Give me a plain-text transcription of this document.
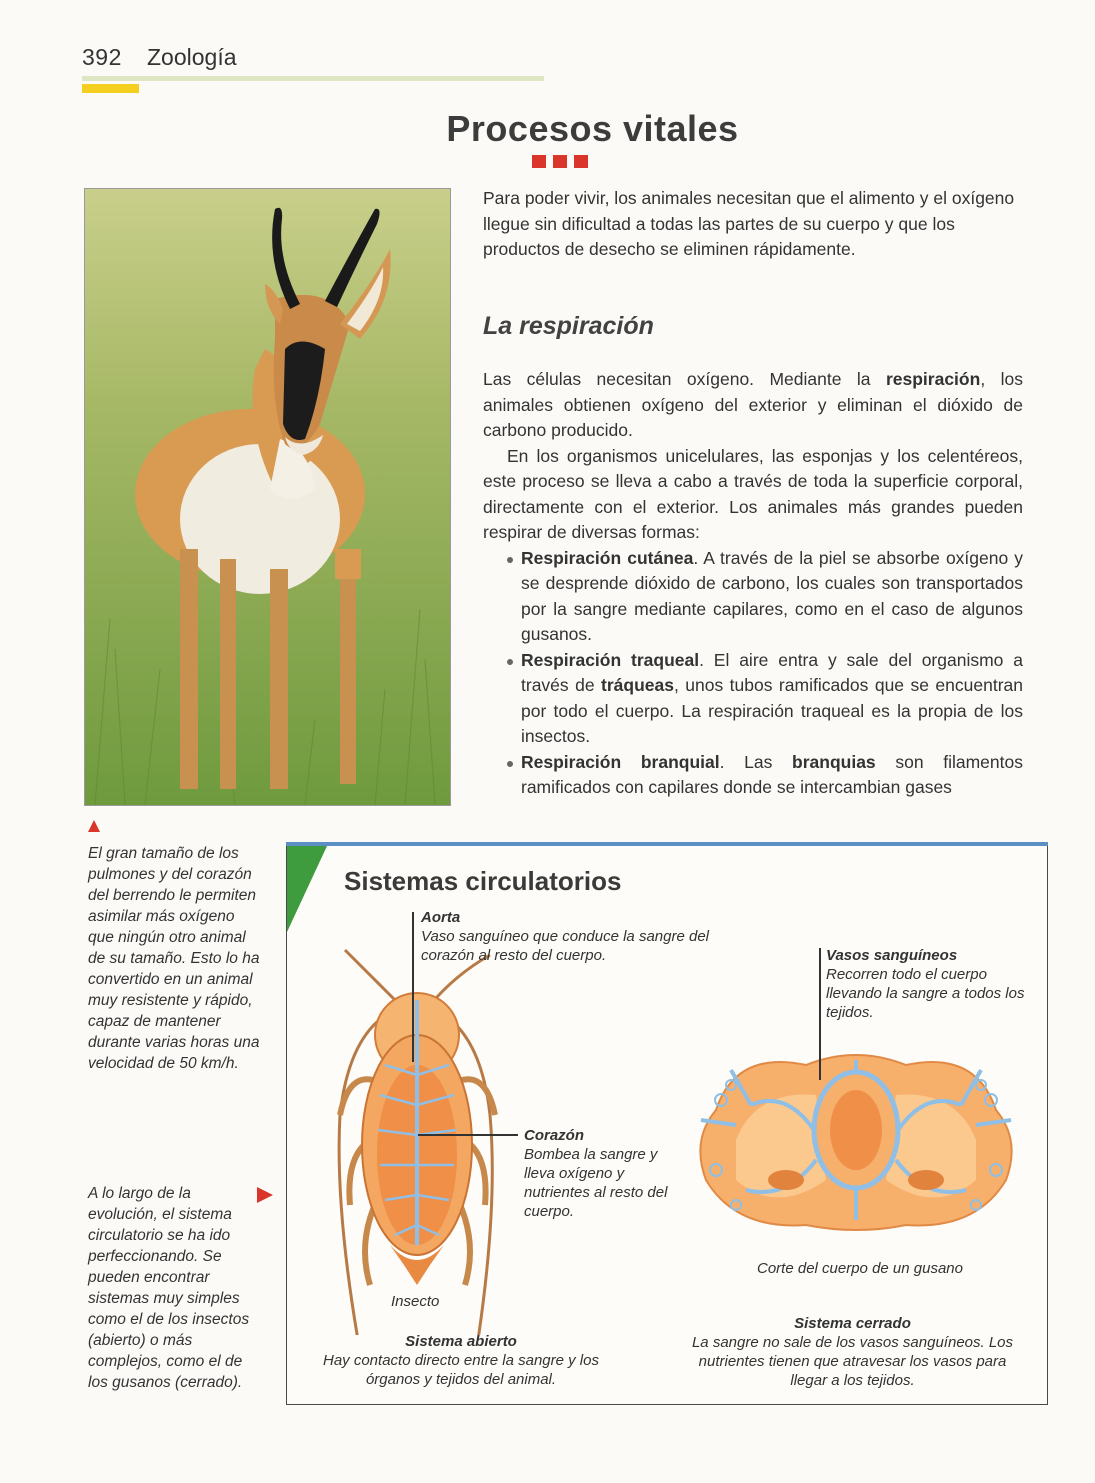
392 Zoología
Procesos vitales
Para poder vivir, los animales necesitan que el alimento y el oxígeno llegue sin dificultad a todas las partes de su cuerpo y que los productos de desecho se eliminen rápidamente.
La respiración

Las células necesitan oxígeno. Mediante la respiración, los animales obtienen oxígeno del exterior y eliminan el dióxido de carbono producido.

En los organismos unicelulares, las esponjas y los celentéreos, este proceso se lleva a cabo a través de toda la superficie corporal, directamente con el exterior. Los animales más grandes pueden respirar de diversas formas:

Respiración cutánea. A través de la piel se absorbe oxígeno y se desprende dióxido de carbono, los cuales son transportados por la sangre mediante capilares, como en el caso de algunos gusanos.

Respiración traqueal. El aire entra y sale del organismo a través de tráqueas, unos tubos ramificados que se encuentran por todo el cuerpo. La respiración traqueal es la propia de los insectos.

Respiración branquial. Las branquias son filamentos ramificados con capilares donde se intercambian gases

El gran tamaño de los pulmones y del corazón del berrendo le permiten asimilar más oxígeno que ningún otro animal de su tamaño. Esto lo ha convertido en un animal muy resistente y rápido, capaz de mantener durante varias horas una velocidad de 50 km/h.
A lo largo de la evolución, el sistema circulatorio se ha ido perfeccionando. Se pueden encontrar sistemas muy simples como el de los insectos (abierto) o más complejos, como el de los gusanos (cerrado).
Sistemas circulatorios
Aorta
Vaso sanguíneo que conduce la sangre del corazón al resto del cuerpo.
Corazón
Bombea la sangre y lleva oxígeno y nutrientes al resto del cuerpo.
Insecto
Sistema abierto
Hay contacto directo entre la sangre y los órganos y tejidos del animal.
Vasos sanguíneos
Recorren todo el cuerpo llevando la sangre a todos los tejidos.
Corte del cuerpo de un gusano
Sistema cerrado
La sangre no sale de los vasos sanguíneos. Los nutrientes tienen que atravesar los vasos para llegar a los tejidos.
